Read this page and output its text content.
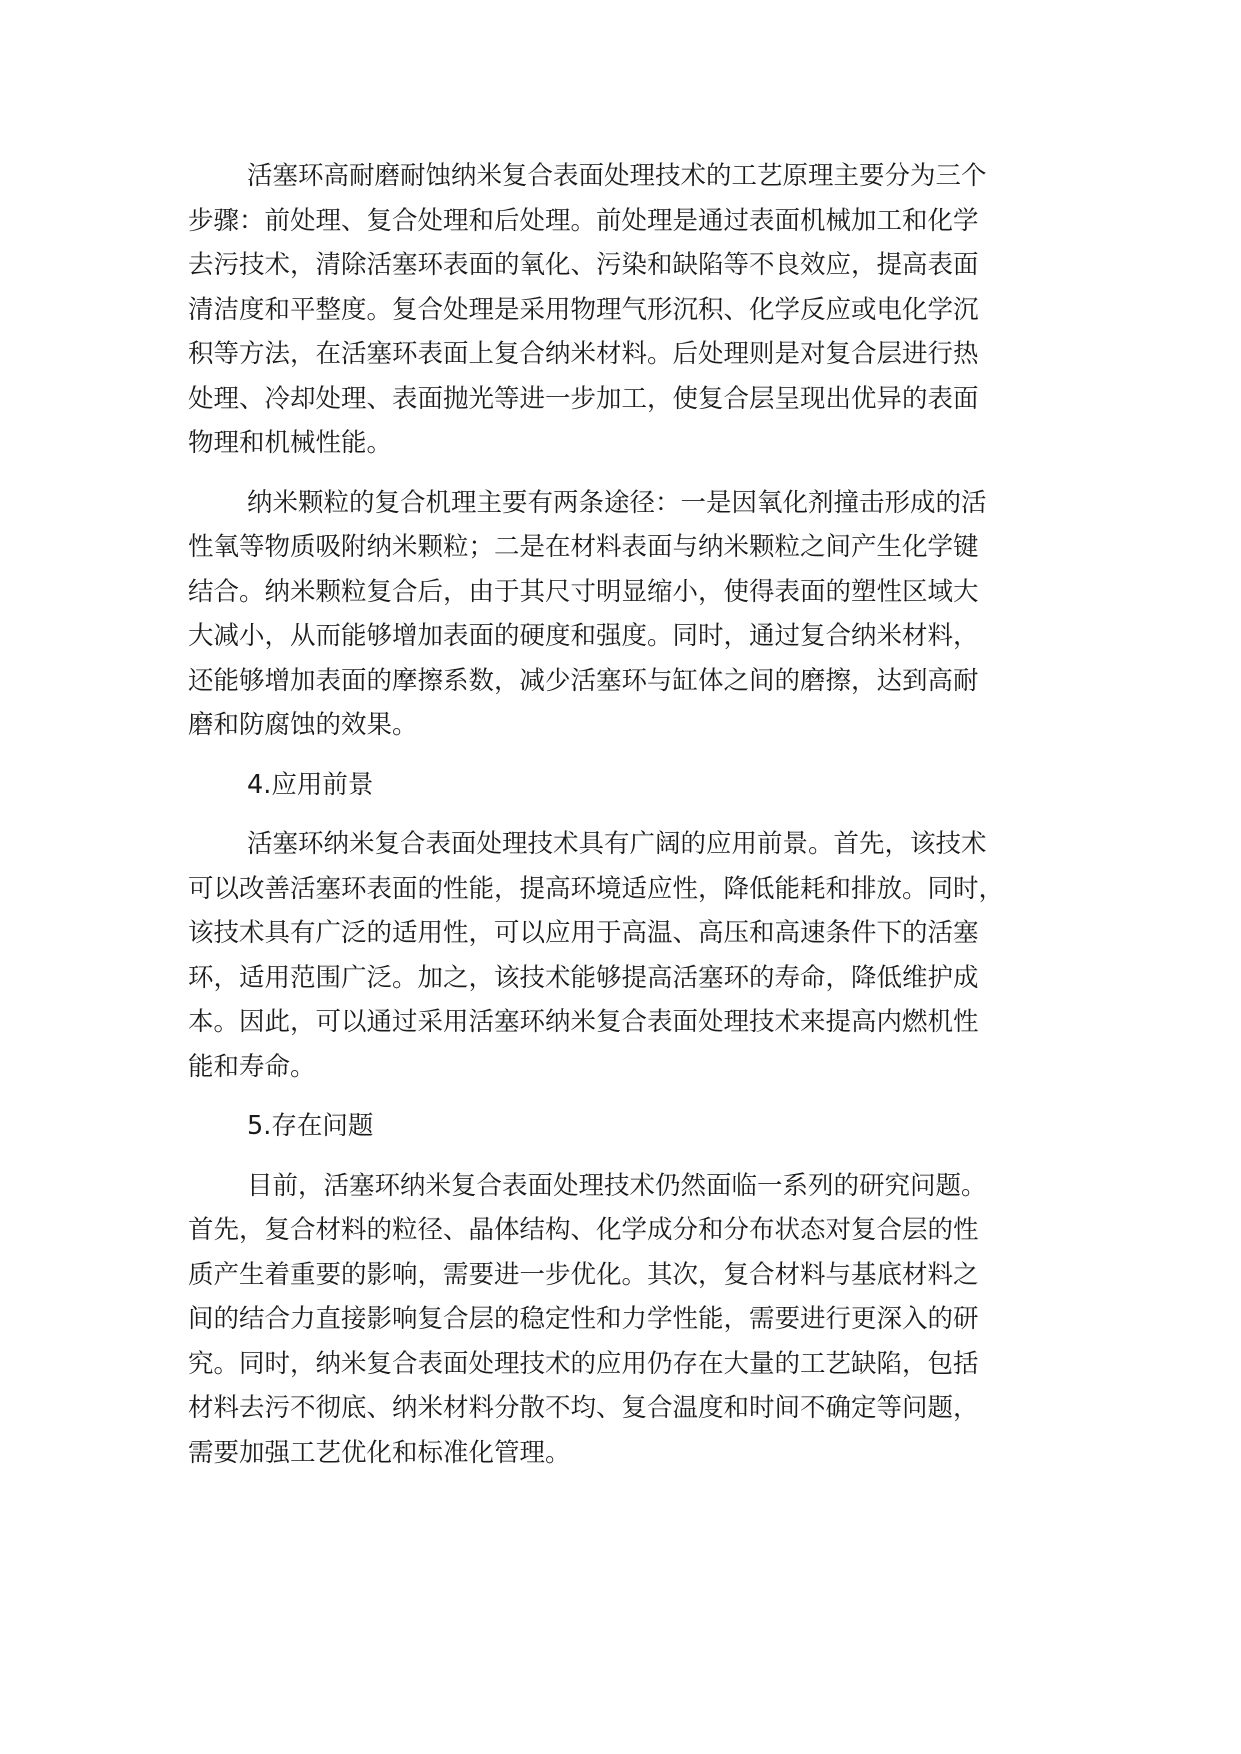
活塞环高耐磨耐蚀纳米复合表面处理技术的工艺原理主要分为三个
步骤：前处理、复合处理和后处理。前处理是通过表面机械加工和化学
去污技术，清除活塞环表面的氧化、污染和缺陷等不良效应，提高表面
清洁度和平整度。复合处理是采用物理气形沉积、化学反应或电化学沉
积等方法，在活塞环表面上复合纳米材料。后处理则是对复合层进行热
处理、冷却处理、表面抛光等进一步加工，使复合层呈现出优异的表面
物理和机械性能。
纳米颗粒的复合机理主要有两条途径：一是因氧化剂撞击形成的活
性氧等物质吸附纳米颗粒；二是在材料表面与纳米颗粒之间产生化学键
结合。纳米颗粒复合后，由于其尺寸明显缩小，使得表面的塑性区域大
大减小，从而能够增加表面的硬度和强度。同时，通过复合纳米材料，
还能够增加表面的摩擦系数，减少活塞环与缸体之间的磨擦，达到高耐
磨和防腐蚀的效果。
4.应用前景
活塞环纳米复合表面处理技术具有广阔的应用前景。首先，该技术
可以改善活塞环表面的性能，提高环境适应性，降低能耗和排放。同时，
该技术具有广泛的适用性，可以应用于高温、高压和高速条件下的活塞
环，适用范围广泛。加之，该技术能够提高活塞环的寿命，降低维护成
本。因此，可以通过采用活塞环纳米复合表面处理技术来提高内燃机性
能和寿命。
5.存在问题
目前，活塞环纳米复合表面处理技术仍然面临一系列的研究问题。
首先，复合材料的粒径、晶体结构、化学成分和分布状态对复合层的性
质产生着重要的影响，需要进一步优化。其次，复合材料与基底材料之
间的结合力直接影响复合层的稳定性和力学性能，需要进行更深入的研
究。同时，纳米复合表面处理技术的应用仍存在大量的工艺缺陷，包括
材料去污不彻底、纳米材料分散不均、复合温度和时间不确定等问题，
需要加强工艺优化和标准化管理。
